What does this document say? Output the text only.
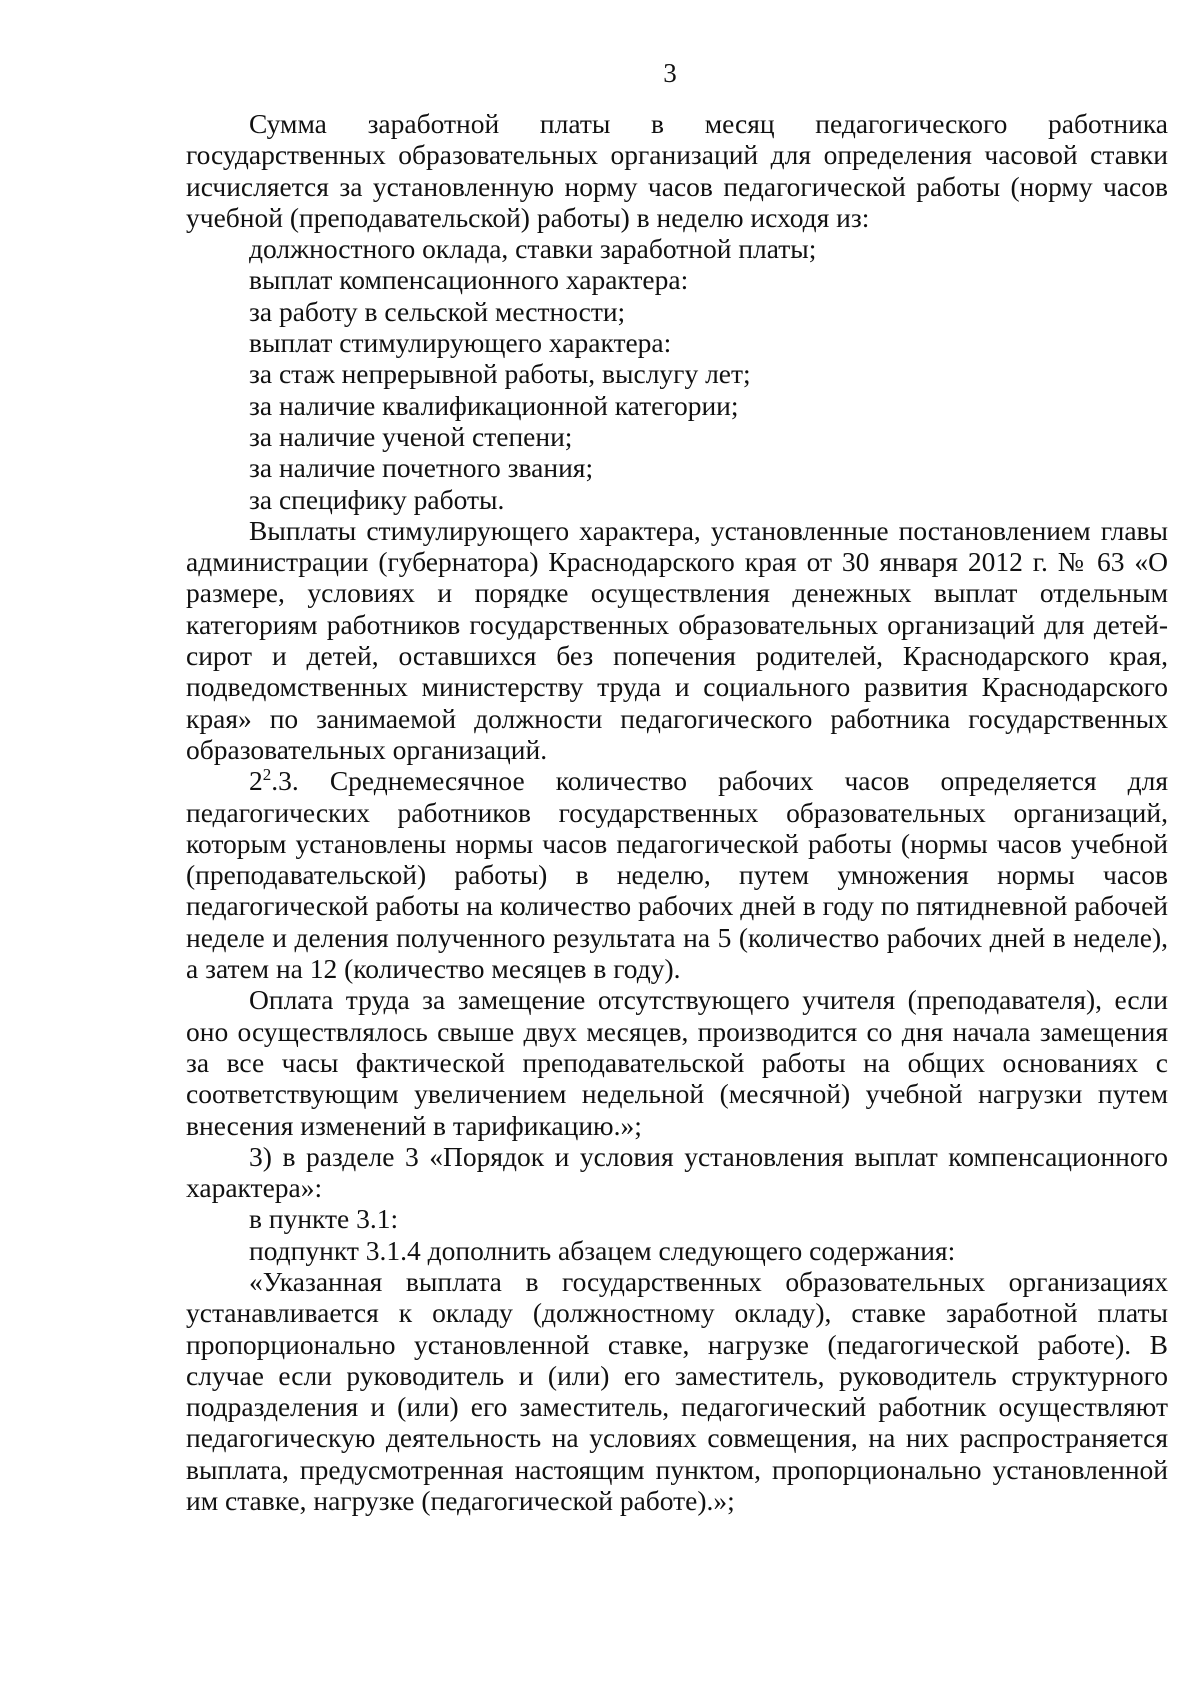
3

Сумма заработной платы в месяц педагогического работника государственных образовательных организаций для определения часовой ставки исчисляется за установленную норму часов педагогической работы (норму часов учебной (преподавательской) работы) в неделю исходя из:

должностного оклада, ставки заработной платы;

выплат компенсационного характера:

за работу в сельской местности;

выплат стимулирующего характера:

за стаж непрерывной работы, выслугу лет;

за наличие квалификационной категории;

за наличие ученой степени;

за наличие почетного звания;

за специфику работы.

Выплаты стимулирующего характера, установленные постановлением главы администрации (губернатора) Краснодарского края от 30 января 2012 г. № 63 «О размере, условиях и порядке осуществления денежных выплат отдельным категориям работников государственных образовательных организаций для детей-сирот и детей, оставшихся без попечения родителей, Краснодарского края, подведомственных министерству труда и социального развития Краснодарского края» по занимаемой должности педагогического работника государственных образовательных организаций.

$2^2.3$. Среднемесячное количество рабочих часов определяется для педагогических работников государственных образовательных организаций, которым установлены нормы часов педагогической работы (нормы часов учебной (преподавательской) работы) в неделю, путем умножения нормы часов педагогической работы на количество рабочих дней в году по пятидневной рабочей неделе и деления полученного результата на 5 (количество рабочих дней в неделе), а затем на 12 (количество месяцев в году).

Оплата труда за замещение отсутствующего учителя (преподавателя), если оно осуществлялось свыше двух месяцев, производится со дня начала замещения за все часы фактической преподавательской работы на общих основаниях с соответствующим увеличением недельной (месячной) учебной нагрузки путем внесения изменений в тарификацию.»;

3) в разделе 3 «Порядок и условия установления выплат компенсационного характера»:

в пункте 3.1:

подпункт 3.1.4 дополнить абзацем следующего содержания:

«Указанная выплата в государственных образовательных организациях устанавливается к окладу (должностному окладу), ставке заработной платы пропорционально установленной ставке, нагрузке (педагогической работе). В случае если руководитель и (или) его заместитель, руководитель структурного подразделения и (или) его заместитель, педагогический работник осуществляют педагогическую деятельность на условиях совмещения, на них распространяется выплата, предусмотренная настоящим пунктом, пропорционально установленной им ставке, нагрузке (педагогической работе).»;
